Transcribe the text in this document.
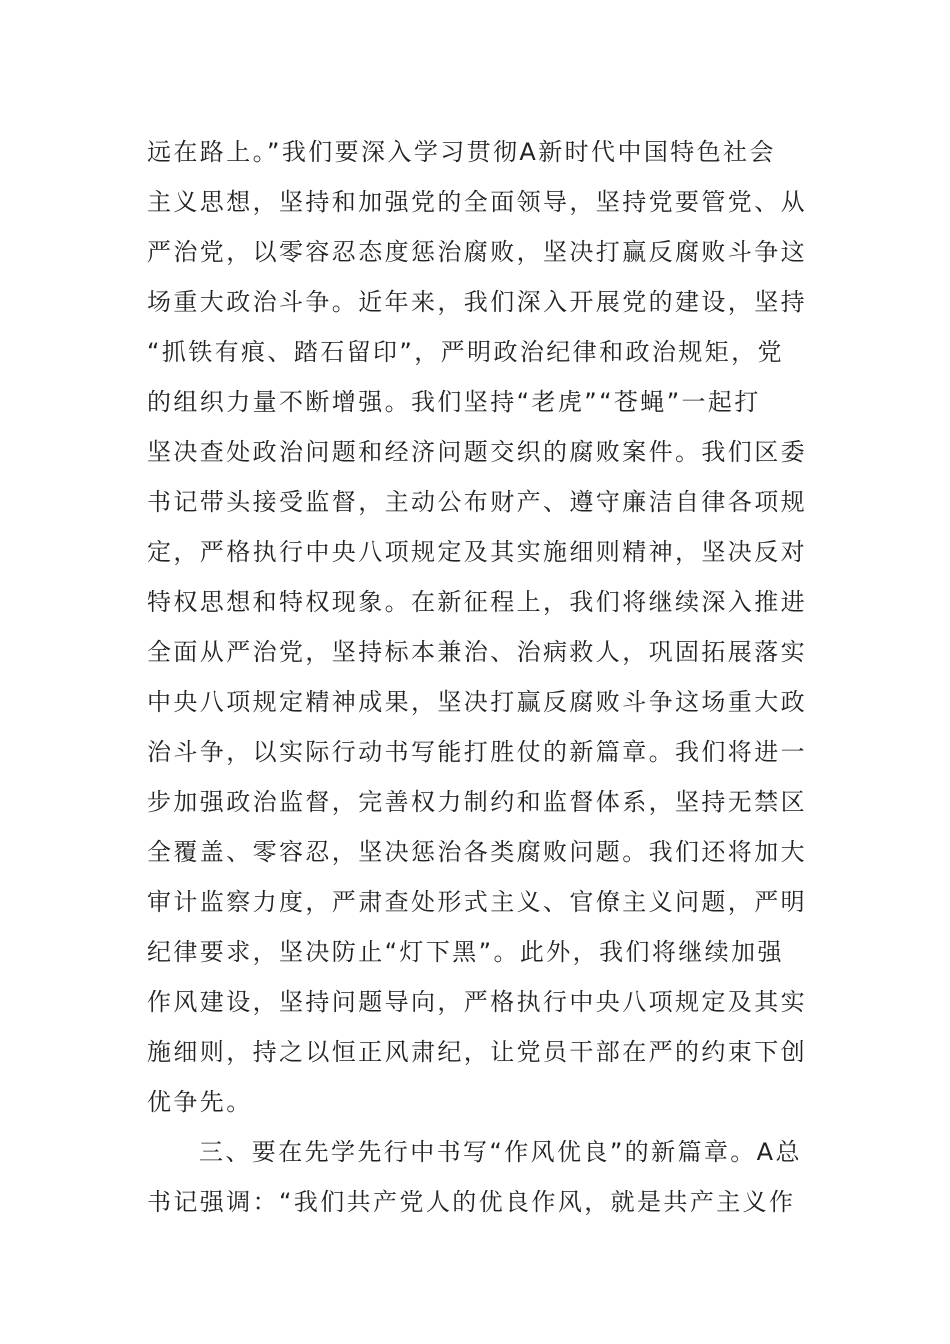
远在路上。”我们要深入学习贯彻A新时代中国特色社会
主义思想，坚持和加强党的全面领导，坚持党要管党、从
严治党，以零容忍态度惩治腐败，坚决打赢反腐败斗争这
场重大政治斗争。近年来，我们深入开展党的建设，坚持
“抓铁有痕、踏石留印”，严明政治纪律和政治规矩，党
的组织力量不断增强。我们坚持“老虎”“苍蝇”一起打
坚决查处政治问题和经济问题交织的腐败案件。我们区委
书记带头接受监督，主动公布财产、遵守廉洁自律各项规
定，严格执行中央八项规定及其实施细则精神，坚决反对
特权思想和特权现象。在新征程上，我们将继续深入推进
全面从严治党，坚持标本兼治、治病救人，巩固拓展落实
中央八项规定精神成果，坚决打赢反腐败斗争这场重大政
治斗争，以实际行动书写能打胜仗的新篇章。我们将进一
步加强政治监督，完善权力制约和监督体系，坚持无禁区
全覆盖、零容忍，坚决惩治各类腐败问题。我们还将加大
审计监察力度，严肃查处形式主义、官僚主义问题，严明
纪律要求，坚决防止“灯下黑”。此外，我们将继续加强
作风建设，坚持问题导向，严格执行中央八项规定及其实
施细则，持之以恒正风肃纪，让党员干部在严的约束下创
优争先。
三、要在先学先行中书写“作风优良”的新篇章。A总
书记强调：“我们共产党人的优良作风，就是共产主义作
